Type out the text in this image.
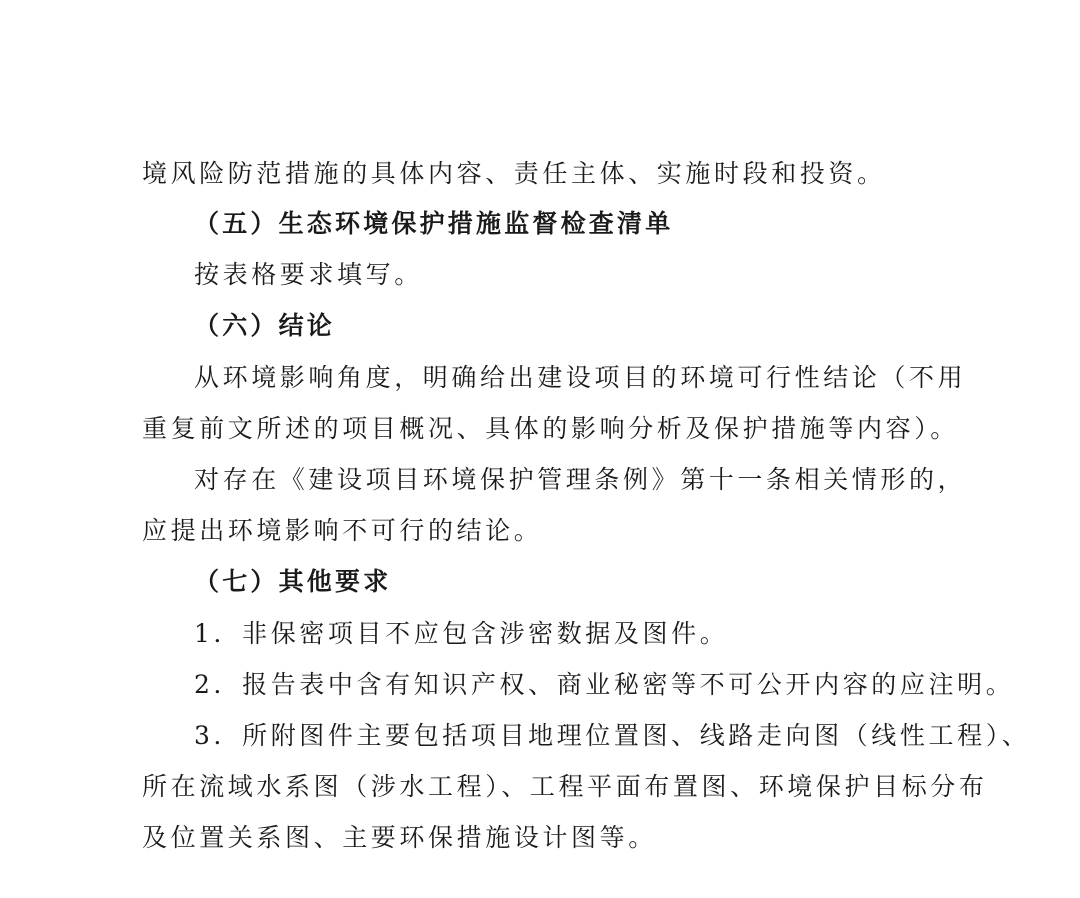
境风险防范措施的具体内容、责任主体、实施时段和投资。
（五）生态环境保护措施监督检查清单
按表格要求填写。
（六）结论
从环境影响角度，明确给出建设项目的环境可行性结论（不用
重复前文所述的项目概况、具体的影响分析及保护措施等内容）。
对存在《建设项目环境保护管理条例》第十一条相关情形的，
应提出环境影响不可行的结论。
（七）其他要求
1．非保密项目不应包含涉密数据及图件。
2．报告表中含有知识产权、商业秘密等不可公开内容的应注明。
3．所附图件主要包括项目地理位置图、线路走向图（线性工程）、
所在流域水系图（涉水工程）、工程平面布置图、环境保护目标分布
及位置关系图、主要环保措施设计图等。
